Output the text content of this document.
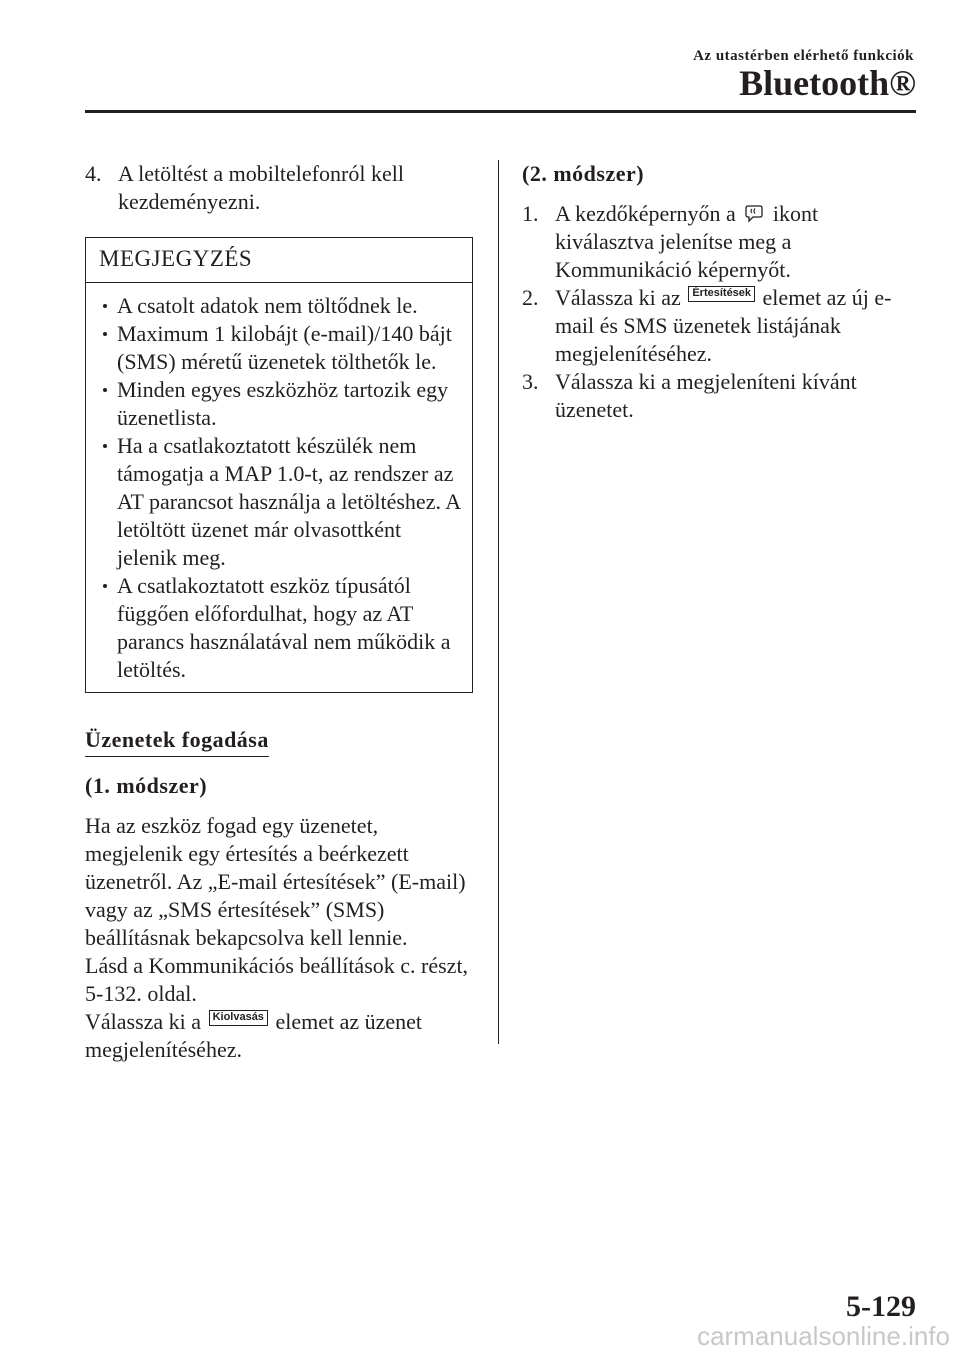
Az utastérben elérhető funkciók
Bluetooth®
4. A letöltést a mobiltelefonról kell kezdeményezni.
MEGJEGYZÉS
A csatolt adatok nem töltődnek le.
Maximum 1 kilobájt (e-mail)/140 bájt (SMS) méretű üzenetek tölthetők le.
Minden egyes eszközhöz tartozik egy üzenetlista.
Ha a csatlakoztatott készülék nem támogatja a MAP 1.0-t, az rendszer az AT parancsot használja a letöltéshez. A letöltött üzenet már olvasottként jelenik meg.
A csatlakoztatott eszköz típusától függően előfordulhat, hogy az AT parancs használatával nem működik a letöltés.
Üzenetek fogadása
(1. módszer)
Ha az eszköz fogad egy üzenetet, megjelenik egy értesítés a beérkezett üzenetről. Az „E-mail értesítések” (E-mail) vagy az „SMS értesítések” (SMS) beállításnak bekapcsolva kell lennie.
Lásd a Kommunikációs beállítások c. részt, 5-132. oldal.
Válassza ki a Kiolvasás elemet az üzenet megjelenítéséhez.
(2. módszer)
1. A kezdőképernyőn a ikont kiválasztva jelenítse meg a Kommunikáció képernyőt.
2. Válassza ki az Értesítések elemet az új e-mail és SMS üzenetek listájának megjelenítéséhez.
3. Válassza ki a megjeleníteni kívánt üzenetet.
5-129
carmanualsonline.info
